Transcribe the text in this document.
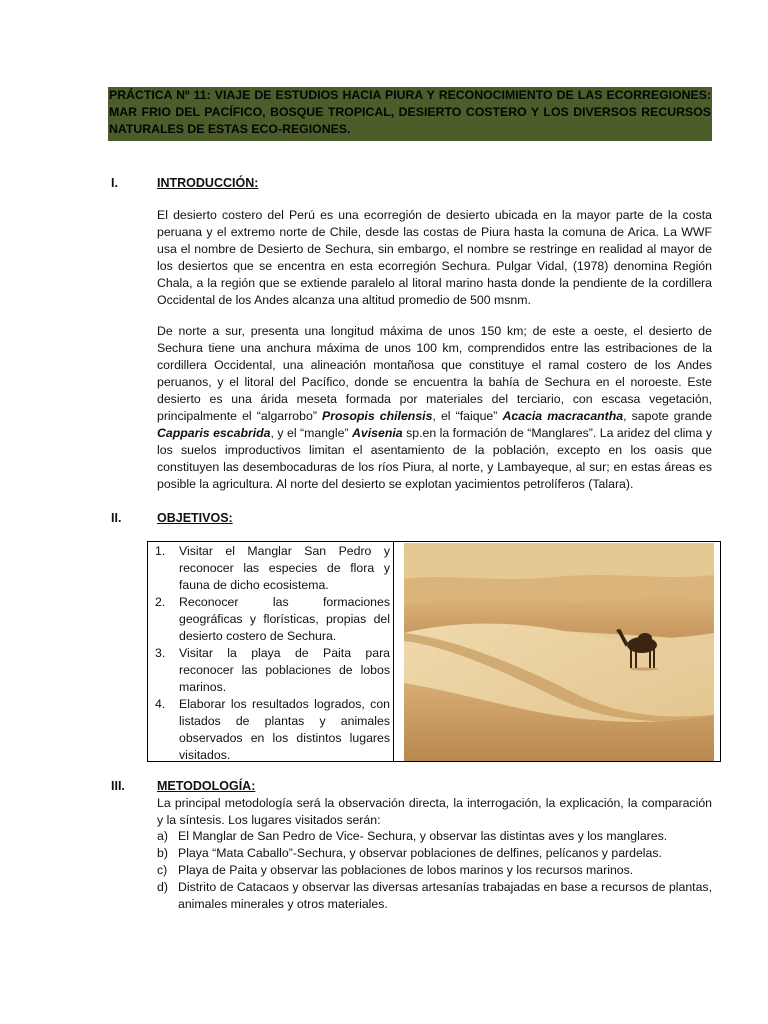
PRÁCTICA Nº 11: VIAJE DE ESTUDIOS HACIA PIURA Y RECONOCIMIENTO DE LAS ECORREGIONES: MAR FRIO DEL PACÍFICO, BOSQUE TROPICAL, DESIERTO COSTERO Y LOS DIVERSOS RECURSOS NATURALES DE ESTAS ECO-REGIONES.

I.	INTRODUCCIÓN:

El desierto costero del Perú es una ecorregión de desierto ubicada en la mayor parte de la costa peruana y el extremo norte de Chile, desde las costas de Piura hasta la comuna de Arica. La WWF usa el nombre de Desierto de Sechura, sin embargo, el nombre se restringe en realidad al mayor de los desiertos que se encentra en esta ecorregión Sechura. Pulgar Vidal, (1978) denomina Región Chala, a la región que se extiende paralelo al litoral marino hasta donde la pendiente de la cordillera Occidental de los Andes alcanza una altitud promedio de 500 msnm.

De norte a sur, presenta una longitud máxima de unos 150 km; de este a oeste, el desierto de Sechura tiene una anchura máxima de unos 100 km, comprendidos entre las estribaciones de la cordillera Occidental, una alineación montañosa que constituye el ramal costero de los Andes peruanos, y el litoral del Pacífico, donde se encuentra la bahía de Sechura en el noroeste. Este desierto es una árida meseta formada por materiales del terciario, con escasa vegetación, principalmente el “algarrobo” Prosopis chilensis, el “faique” Acacia macracantha, sapote grande Capparis escabrida, y el “mangle” Avisenia sp.en la formación de “Manglares”. La aridez del clima y los suelos improductivos limitan el asentamiento de la población, excepto en los oasis que constituyen las desembocaduras de los ríos Piura, al norte, y Lambayeque, al sur; en estas áreas es posible la agricultura. Al norte del desierto se explotan yacimientos petrolíferos (Talara).

II.	OBJETIVOS:
1. Visitar el Manglar San Pedro y reconocer las especies de flora y fauna de dicho ecosistema.
2. Reconocer las formaciones geográficas y florísticas, propias del desierto costero de Sechura.
3. Visitar la playa de Paita para reconocer las poblaciones de lobos marinos.
4. Elaborar los resultados logrados, con listados de plantas y animales observados en los distintos lugares visitados.
III.	METODOLOGÍA:

La principal metodología será la observación directa, la interrogación, la explicación, la comparación y la síntesis. Los lugares visitados serán:

a) El Manglar de San Pedro de Vice- Sechura, y observar las distintas aves y los manglares.
b) Playa “Mata Caballo”-Sechura, y observar poblaciones de delfines, pelícanos y pardelas.
c) Playa de Paita y observar las poblaciones de lobos marinos y los recursos marinos.
d) Distrito de Catacaos y observar las diversas artesanías trabajadas en base a recursos de plantas, animales minerales y otros materiales.
